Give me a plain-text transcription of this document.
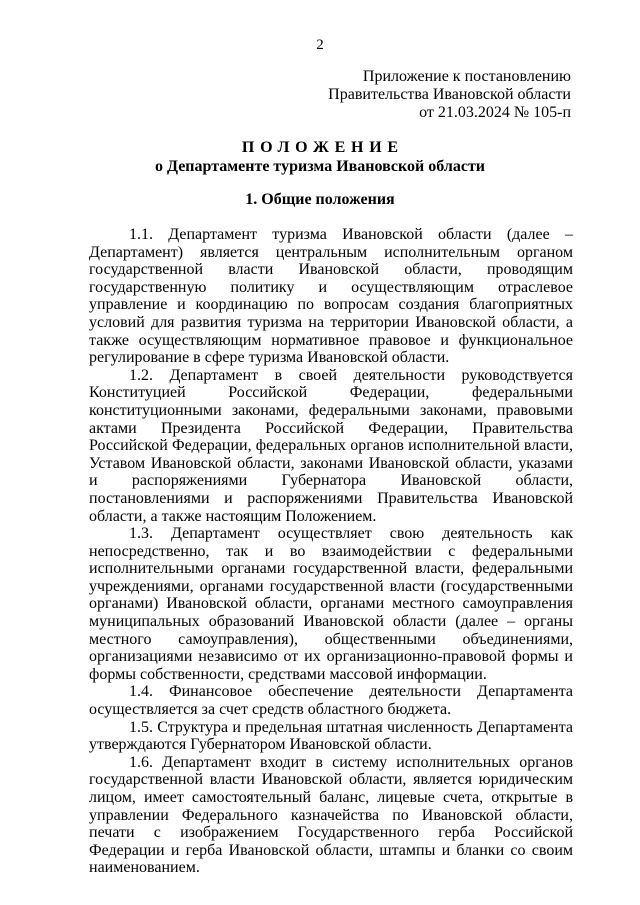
2
Приложение к постановлению
Правительства Ивановской области
от 21.03.2024 № 105-п
ПОЛОЖЕНИЕ
о Департаменте туризма Ивановской области
1. Общие положения

1.1. Департамент туризма Ивановской области (далее – Департамент) является центральным исполнительным органом государственной власти Ивановской области, проводящим государственную политику и осуществляющим отраслевое управление и координацию по вопросам создания благоприятных условий для развития туризма на территории Ивановской области, а также осуществляющим нормативное правовое и функциональное регулирование в сфере туризма Ивановской области.

1.2. Департамент в своей деятельности руководствуется Конституцией Российской Федерации, федеральными конституционными законами, федеральными законами, правовыми актами Президента Российской Федерации, Правительства Российской Федерации, федеральных органов исполнительной власти, Уставом Ивановской области, законами Ивановской области, указами и распоряжениями Губернатора Ивановской области, постановлениями и распоряжениями Правительства Ивановской области, а также настоящим Положением.

1.3. Департамент осуществляет свою деятельность как непосредственно, так и во взаимодействии с федеральными исполнительными органами государственной власти, федеральными учреждениями, органами государственной власти (государственными органами) Ивановской области, органами местного самоуправления муниципальных образований Ивановской области (далее – органы местного самоуправления), общественными объединениями, организациями независимо от их организационно-правовой формы и формы собственности, средствами массовой информации.

1.4. Финансовое обеспечение деятельности Департамента осуществляется за счет средств областного бюджета.

1.5. Структура и предельная штатная численность Департамента утверждаются Губернатором Ивановской области.

1.6. Департамент входит в систему исполнительных органов государственной власти Ивановской области, является юридическим лицом, имеет самостоятельный баланс, лицевые счета, открытые в управлении Федерального казначейства по Ивановской области, печати с изображением Государственного герба Российской Федерации и герба Ивановской области, штампы и бланки со своим наименованием.
